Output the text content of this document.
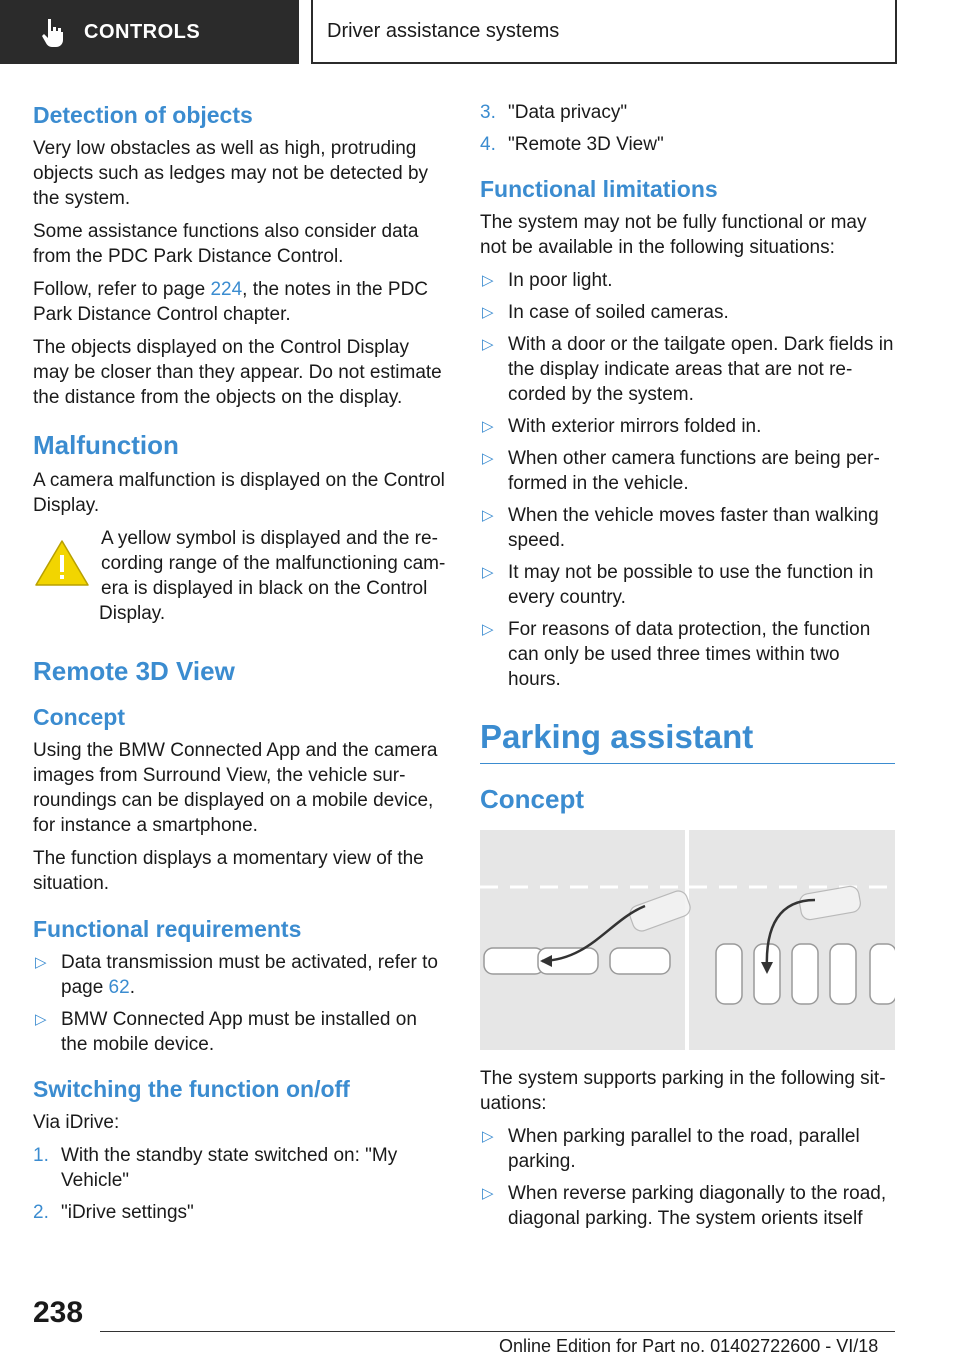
CONTROLS	Driver assistance systems
Detection of objects

Very low obstacles as well as high, protruding objects such as ledges may not be detected by the system.

Some assistance functions also consider data from the PDC Park Distance Control.

Follow, refer to page 224, the notes in the PDC Park Distance Control chapter.

The objects displayed on the Control Display may be closer than they appear. Do not estimate the distance from the objects on the display.

Malfunction

A camera malfunction is displayed on the Control Display.

A yellow symbol is displayed and the recording range of the malfunctioning camera is displayed in black on the Control Display.
Remote 3D View
Concept

Using the BMW Connected App and the camera images from Surround View, the vehicle surroundings can be displayed on a mobile device, for instance a smartphone.

The function displays a momentary view of the situation.

Functional requirements
▷ Data transmission must be activated, refer to page 62.
▷ BMW Connected App must be installed on the mobile device.
Switching the function on/off

Via iDrive:

1. With the standby state switched on: "My Vehicle"
2. "iDrive settings"
3. "Data privacy"
4. "Remote 3D View"
Functional limitations

The system may not be fully functional or may not be available in the following situations:

▷ In poor light.
▷ In case of soiled cameras.
▷ With a door or the tailgate open. Dark fields in the display indicate areas that are not recorded by the system.
▷ With exterior mirrors folded in.
▷ When other camera functions are being performed in the vehicle.
▷ When the vehicle moves faster than walking speed.
▷ It may not be possible to use the function in every country.
▷ For reasons of data protection, the function can only be used three times within two hours.
Parking assistant
Concept

The system supports parking in the following situations:

▷ When parking parallel to the road, parallel parking.
▷ When reverse parking diagonally to the road, diagonal parking. The system orients itself
238
Online Edition for Part no. 01402722600 - VI/18
